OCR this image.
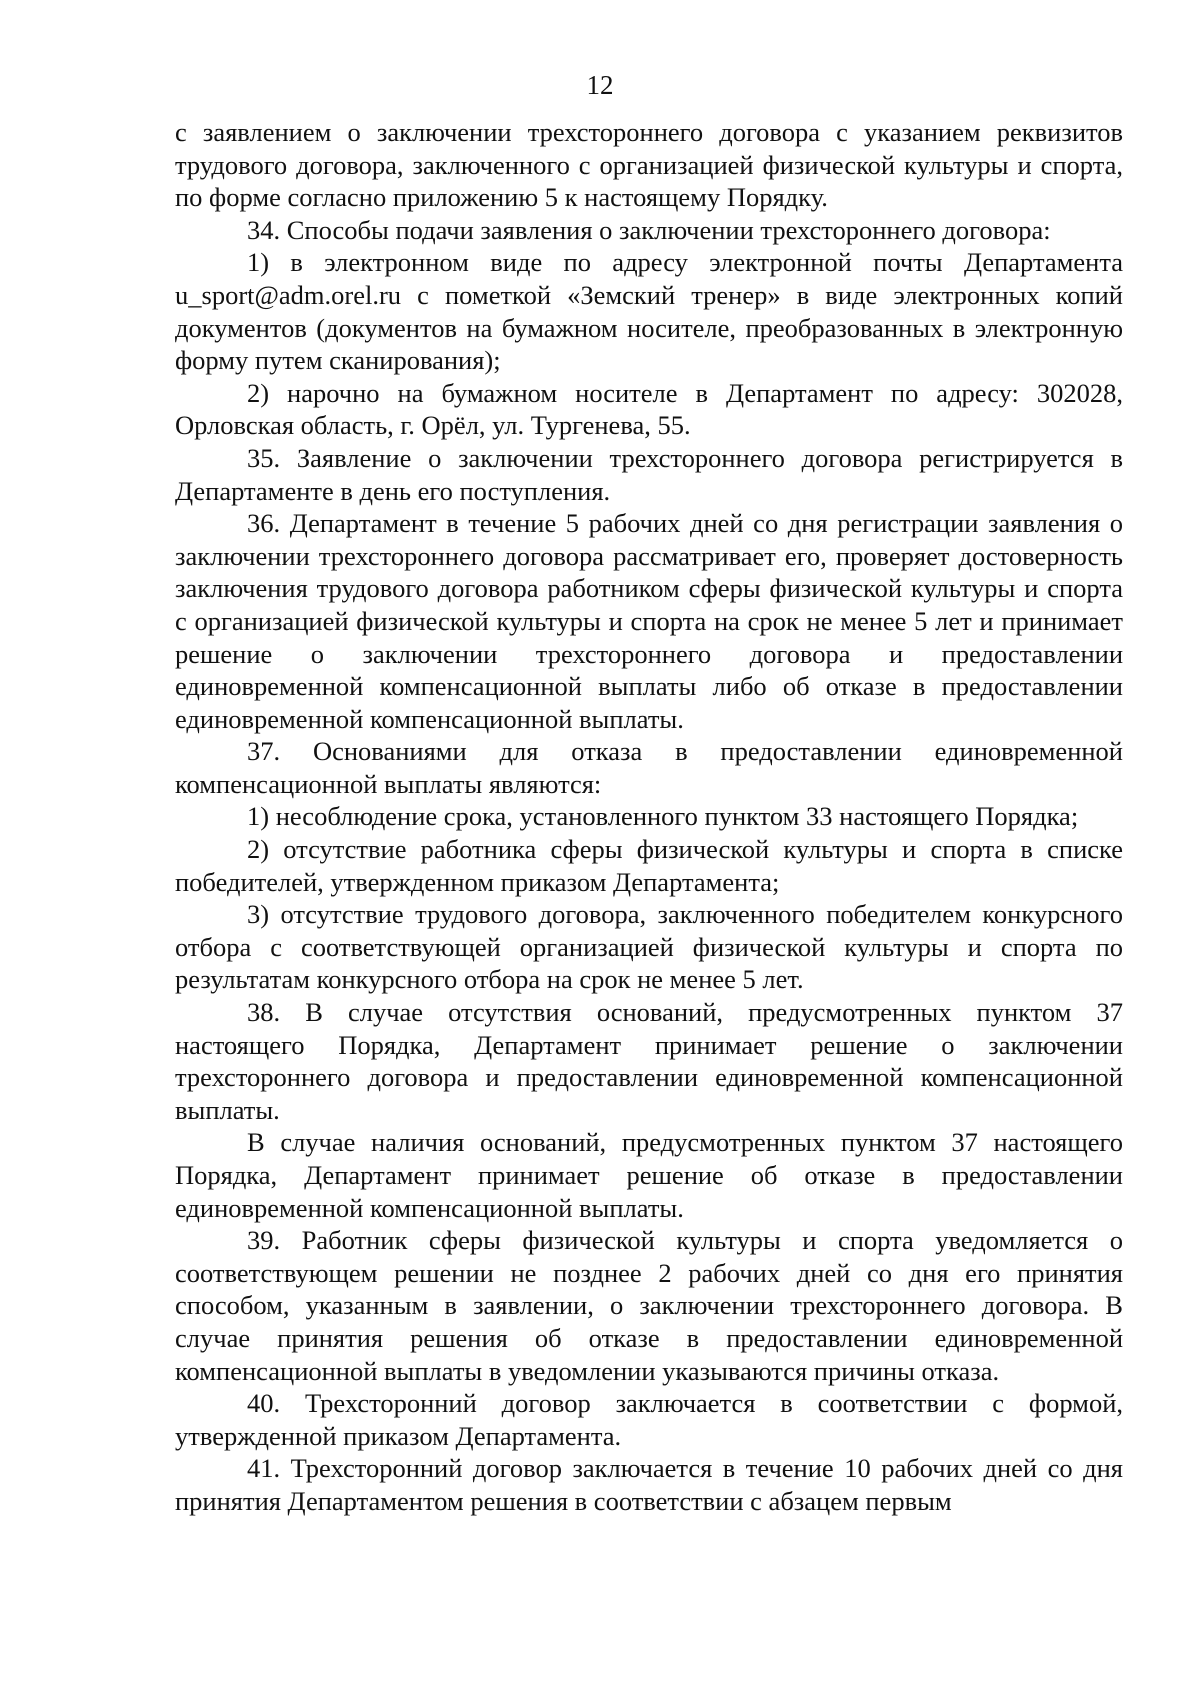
12

с заявлением о заключении трехстороннего договора с указанием реквизитов трудового договора, заключенного с организацией физической культуры и спорта, по форме согласно приложению 5 к настоящему Порядку.

34. Способы подачи заявления о заключении трехстороннего договора:

1) в электронном виде по адресу электронной почты Департамента u_sport@adm.orel.ru с пометкой «Земский тренер» в виде электронных копий документов (документов на бумажном носителе, преобразованных в электронную форму путем сканирования);

2) нарочно на бумажном носителе в Департамент по адресу: 302028, Орловская область, г. Орёл, ул. Тургенева, 55.

35. Заявление о заключении трехстороннего договора регистрируется в Департаменте в день его поступления.

36. Департамент в течение 5 рабочих дней со дня регистрации заявления о заключении трехстороннего договора рассматривает его, проверяет достоверность заключения трудового договора работником сферы физической культуры и спорта с организацией физической культуры и спорта на срок не менее 5 лет и принимает решение о заключении трехстороннего договора и предоставлении единовременной компенсационной выплаты либо об отказе в предоставлении единовременной компенсационной выплаты.

37. Основаниями для отказа в предоставлении единовременной компенсационной выплаты являются:

1) несоблюдение срока, установленного пунктом 33 настоящего Порядка;

2) отсутствие работника сферы физической культуры и спорта в списке победителей, утвержденном приказом Департамента;

3) отсутствие трудового договора, заключенного победителем конкурсного отбора с соответствующей организацией физической культуры и спорта по результатам конкурсного отбора на срок не менее 5 лет.

38. В случае отсутствия оснований, предусмотренных пунктом 37 настоящего Порядка, Департамент принимает решение о заключении трехстороннего договора и предоставлении единовременной компенсационной выплаты.

В случае наличия оснований, предусмотренных пунктом 37 настоящего Порядка, Департамент принимает решение об отказе в предоставлении единовременной компенсационной выплаты.

39. Работник сферы физической культуры и спорта уведомляется о соответствующем решении не позднее 2 рабочих дней со дня его принятия способом, указанным в заявлении, о заключении трехстороннего договора. В случае принятия решения об отказе в предоставлении единовременной компенсационной выплаты в уведомлении указываются причины отказа.

40. Трехсторонний договор заключается в соответствии с формой, утвержденной приказом Департамента.

41. Трехсторонний договор заключается в течение 10 рабочих дней со дня принятия Департаментом решения в соответствии с абзацем первым
